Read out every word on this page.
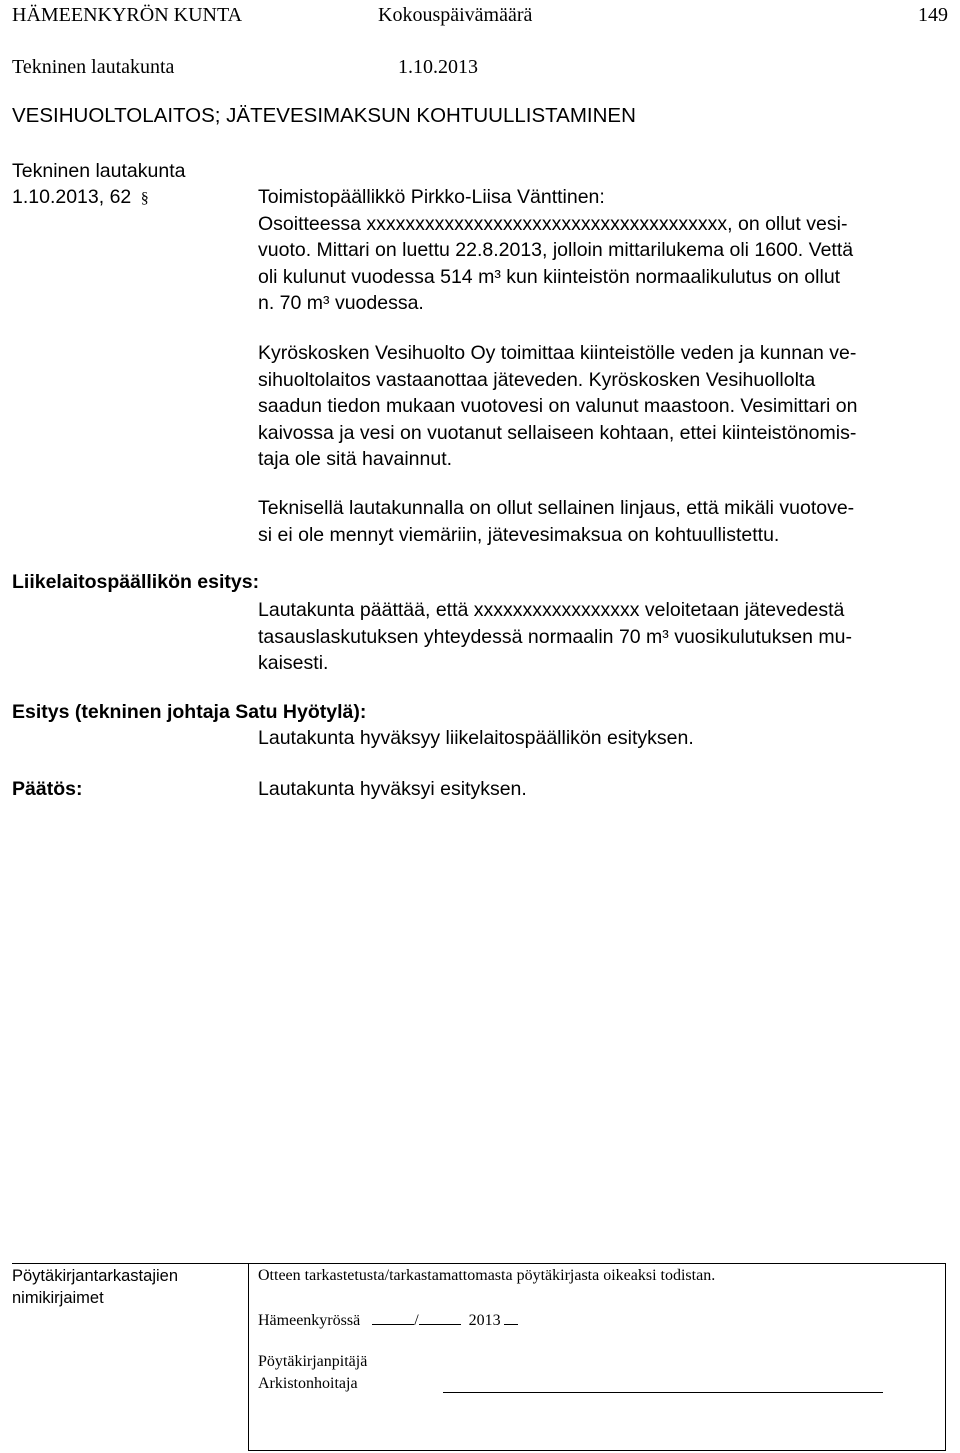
HÄMEENKYRÖN KUNTA	Kokouspäivämäärä	149
Tekninen lautakunta	1.10.2013
VESIHUOLTOLAITOS; JÄTEVESIMAKSUN KOHTUULLISTAMINEN
Tekninen lautakunta
1.10.2013, 62 §	Toimistopäällikkö Pirkko-Liisa Vänttinen:
Osoitteessa xxxxxxxxxxxxxxxxxxxxxxxxxxxxxxxxxxxxx, on ollut vesi-
vuoto. Mittari on luettu 22.8.2013, jolloin mittarilukema oli 1600. Vettä
oli kulunut vuodessa 514 m³ kun kiinteistön normaalikulutus on ollut
n. 70 m³ vuodessa.
Kyröskosken Vesihuolto Oy toimittaa kiinteistölle veden ja kunnan ve-
sihuoltolaitos vastaanottaa jäteveden. Kyröskosken Vesihuollolta
saadun tiedon mukaan vuotovesi on valunut maastoon. Vesimittari on
kaivossa ja vesi on vuotanut sellaiseen kohtaan, ettei kiinteistönomis-
taja ole sitä havainnut.
Teknisellä lautakunnalla on ollut sellainen linjaus, että mikäli vuotove-
si ei ole mennyt viemäriin, jätevesimaksua on kohtuullistettu.
Liikelaitospäällikön esitys:
Lautakunta päättää, että xxxxxxxxxxxxxxxxx veloitetaan jätevedestä
tasauslaskutuksen yhteydessä normaalin 70 m³ vuosikulutuksen mu-
kaisesti.
Esitys (tekninen johtaja Satu Hyötylä):
Lautakunta hyväksyy liikelaitospäällikön esityksen.
Päätös:	Lautakunta hyväksyi esityksen.
Pöytäkirjantarkastajien
nimikirjaimet
Otteen tarkastetusta/tarkastamattomasta pöytäkirjasta oikeaksi todistan.
Hämeenkyrössä	/	2013
Pöytäkirjanpitäjä
Arkistonhoitaja
